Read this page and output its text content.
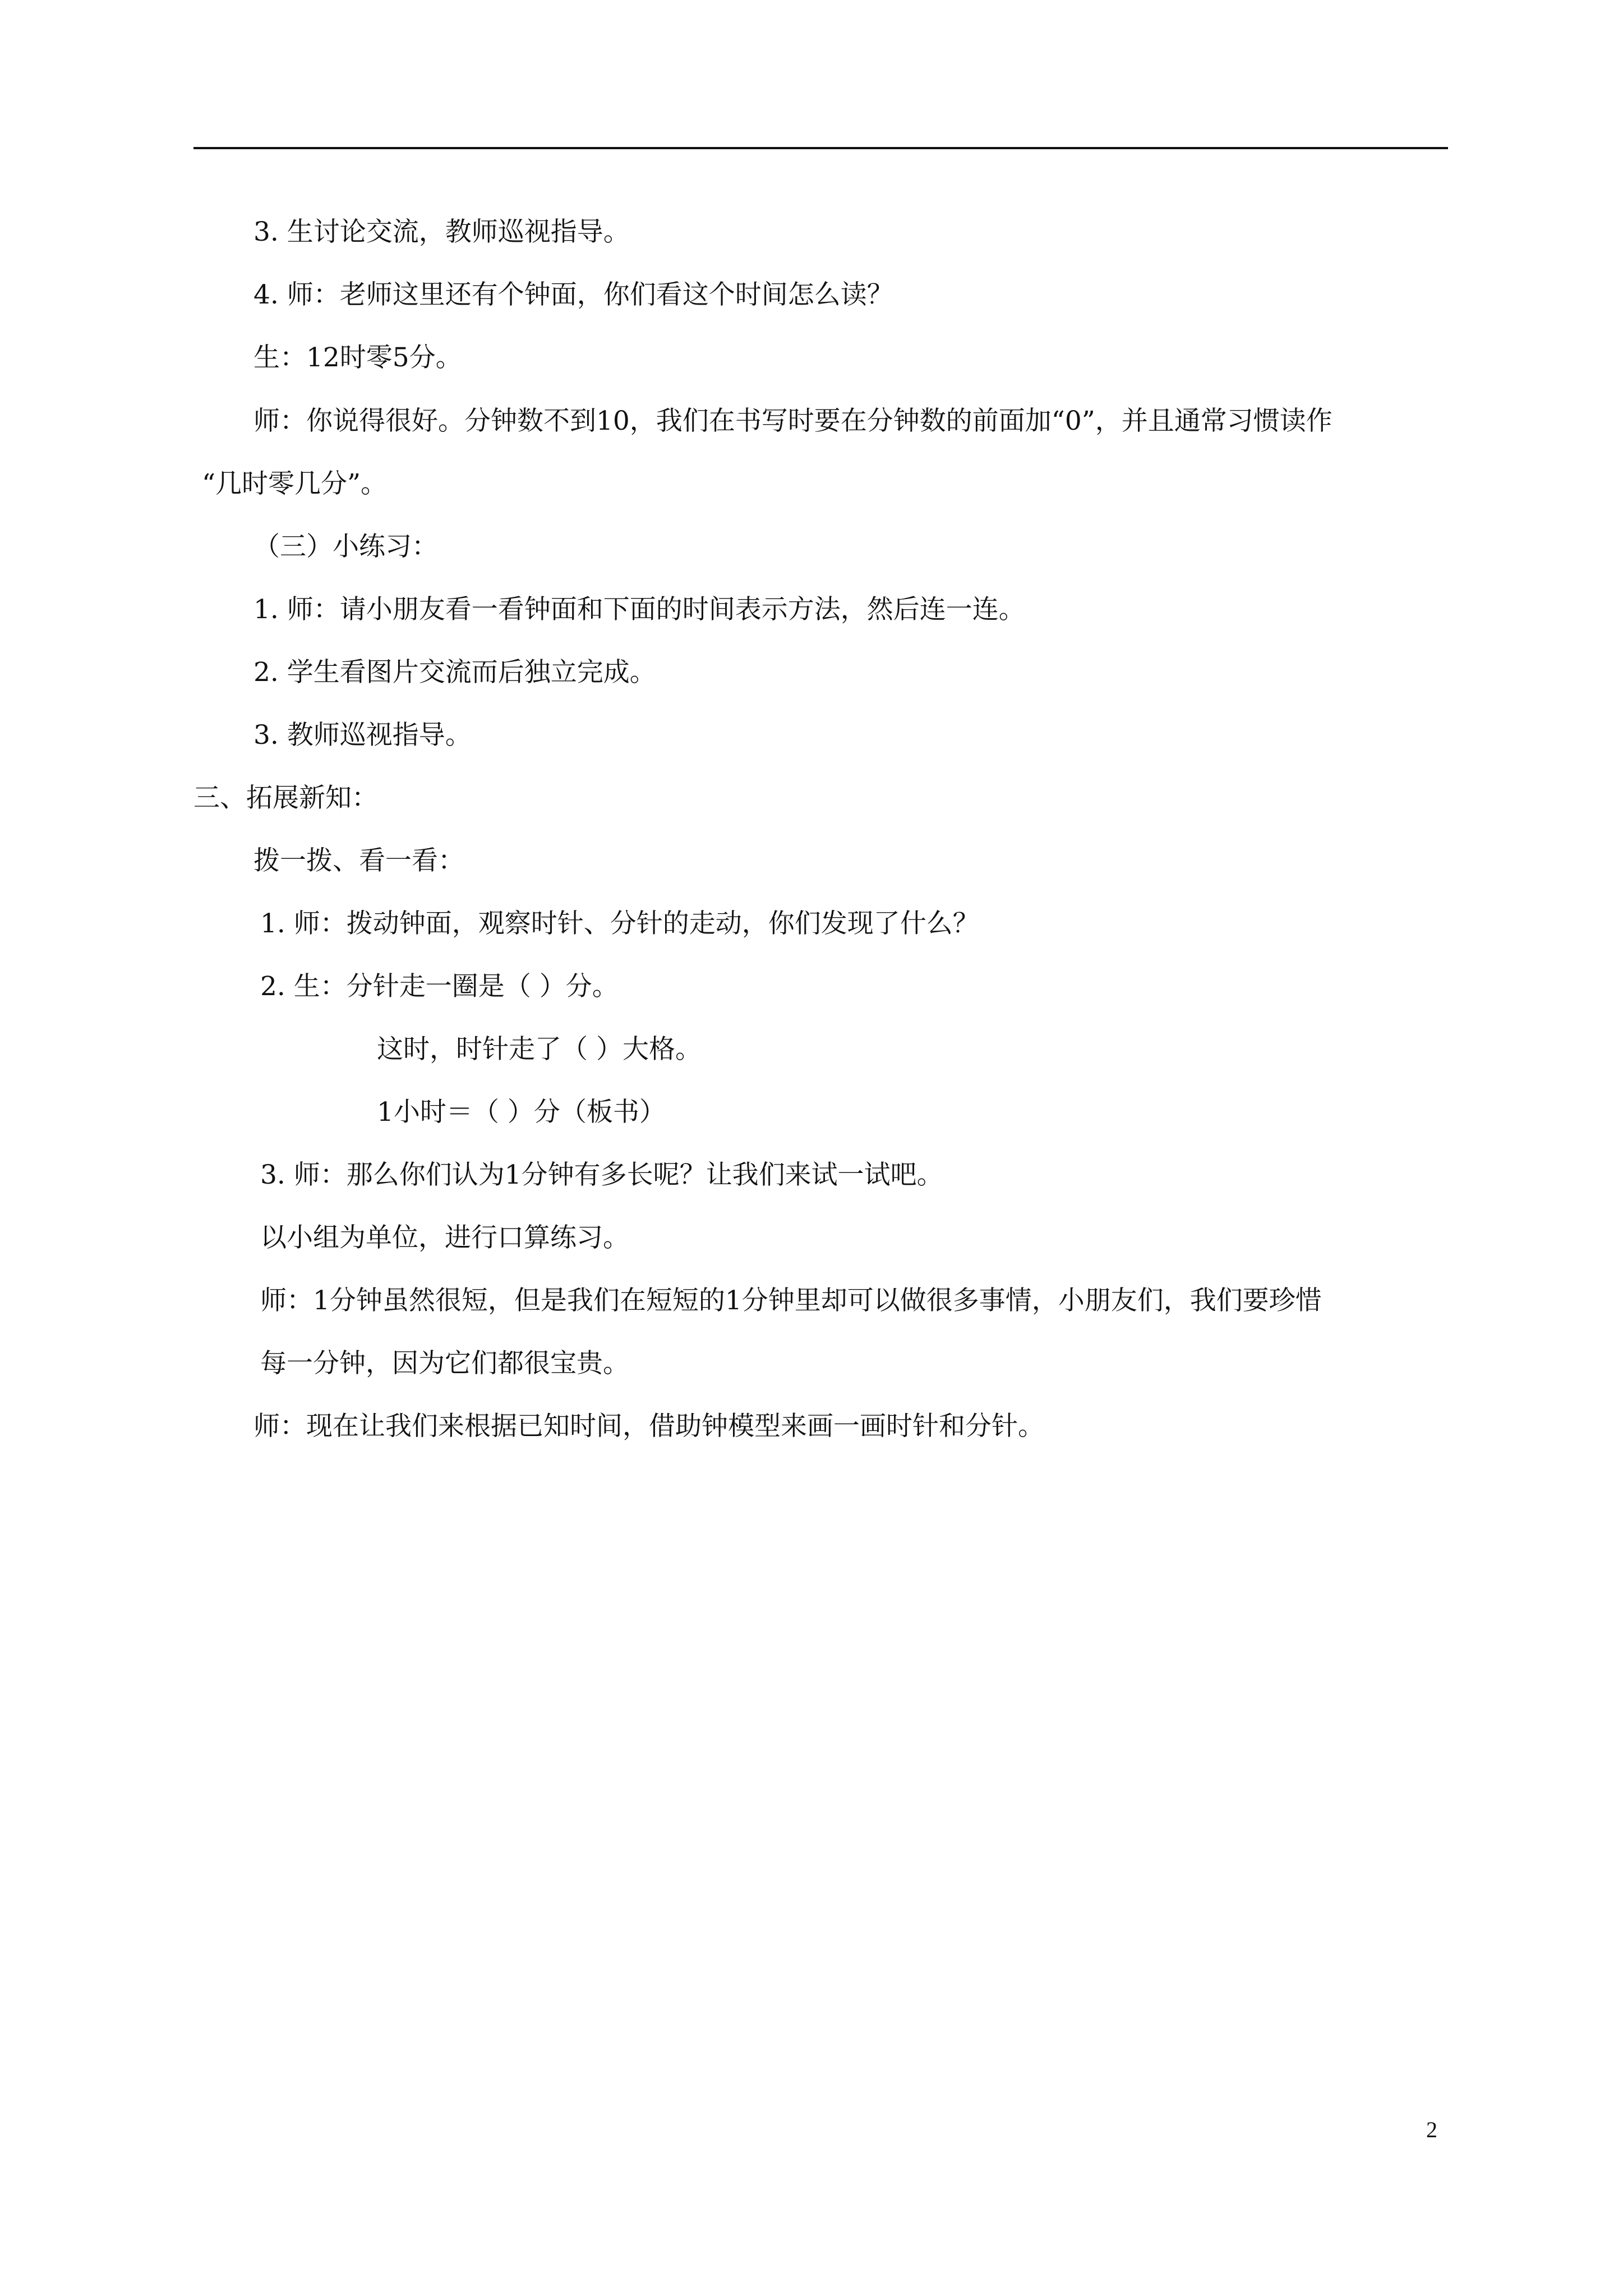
3. 生讨论交流，教师巡视指导。
4. 师：老师这里还有个钟面，你们看这个时间怎么读？
生：12时零5分。
师：你说得很好。分钟数不到10，我们在书写时要在分钟数的前面加“0”，并且通常习惯读作
“几时零几分”。
（三）小练习：
1. 师：请小朋友看一看钟面和下面的时间表示方法，然后连一连。
2. 学生看图片交流而后独立完成。
3. 教师巡视指导。
三、拓展新知：
拨一拨、看一看：
1. 师：拨动钟面，观察时针、分针的走动，你们发现了什么？
2. 生：分针走一圈是（ ）分。
这时，时针走了（ ）大格。
1小时＝（ ）分（板书）
3. 师：那么你们认为1分钟有多长呢？让我们来试一试吧。
以小组为单位，进行口算练习。
师：1分钟虽然很短，但是我们在短短的1分钟里却可以做很多事情，小朋友们，我们要珍惜
每一分钟，因为它们都很宝贵。
师：现在让我们来根据已知时间，借助钟模型来画一画时针和分针。
2
